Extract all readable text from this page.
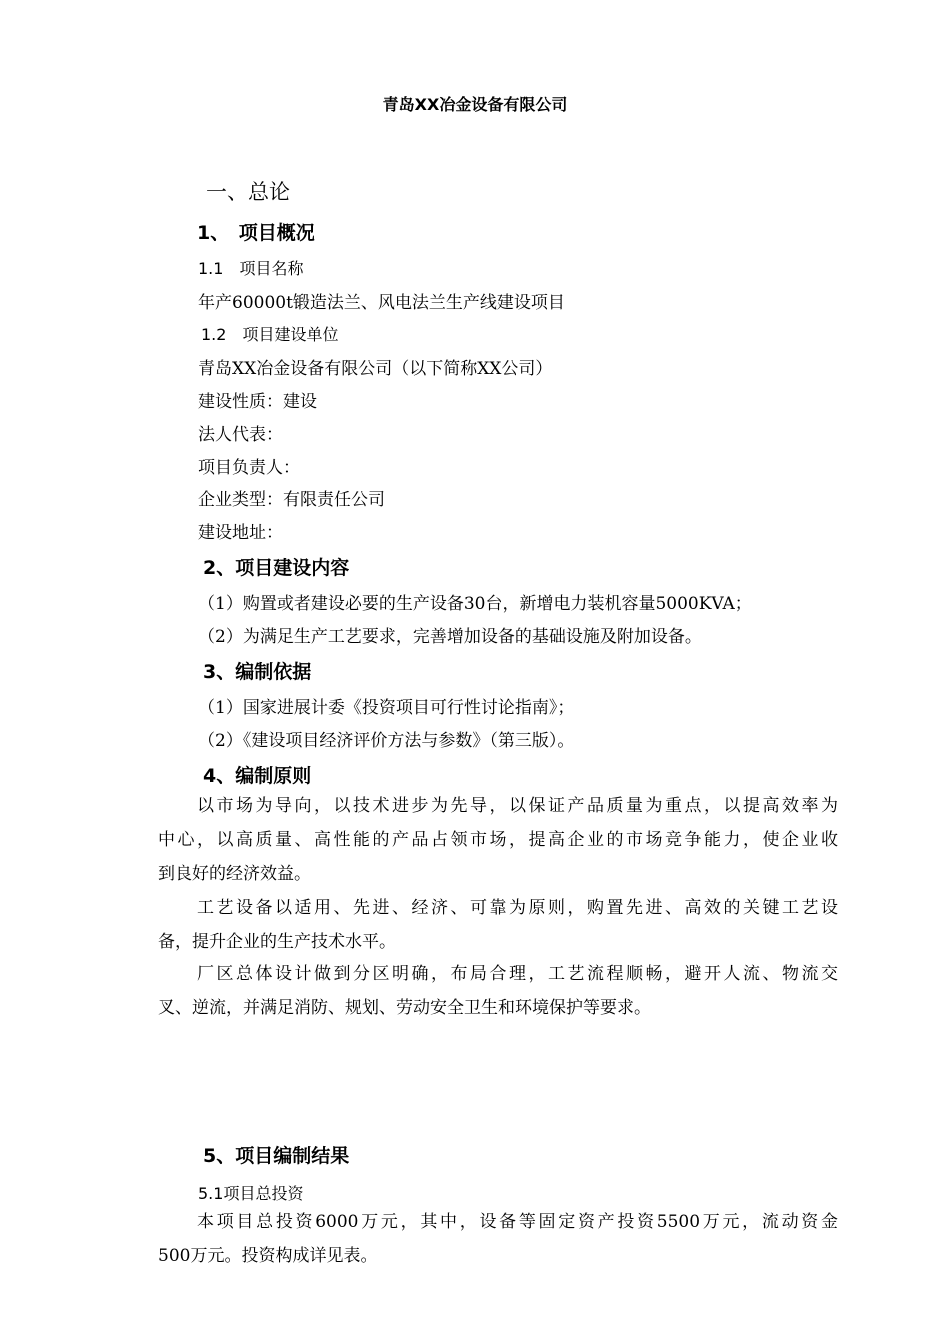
青岛XX冶金设备有限公司
一、总论
1、　项目概况
1.1　项目名称
年产60000t锻造法兰、风电法兰生产线建设项目
1.2　项目建设单位
青岛XX冶金设备有限公司（以下简称XX公司）
建设性质：建设
法人代表：
项目负责人：
企业类型：有限责任公司
建设地址：
2、项目建设内容
（1）购置或者建设必要的生产设备30台，新增电力装机容量5000KVA；
（2）为满足生产工艺要求，完善增加设备的基础设施及附加设备。
3、编制依据
（1）国家进展计委《投资项目可行性讨论指南》；
（2）《建设项目经济评价方法与参数》（第三版）。
4、编制原则
以市场为导向，以技术进步为先导，以保证产品质量为重点，以提高效率为
中心，以高质量、高性能的产品占领市场，提高企业的市场竞争能力，使企业收
到良好的经济效益。
工艺设备以适用、先进、经济、可靠为原则，购置先进、高效的关键工艺设
备，提升企业的生产技术水平。
厂区总体设计做到分区明确，布局合理，工艺流程顺畅，避开人流、物流交
叉、逆流，并满足消防、规划、劳动安全卫生和环境保护等要求。
5、项目编制结果
5.1项目总投资
本项目总投资6000万元，其中，设备等固定资产投资5500万元，流动资金
500万元。投资构成详见表。
